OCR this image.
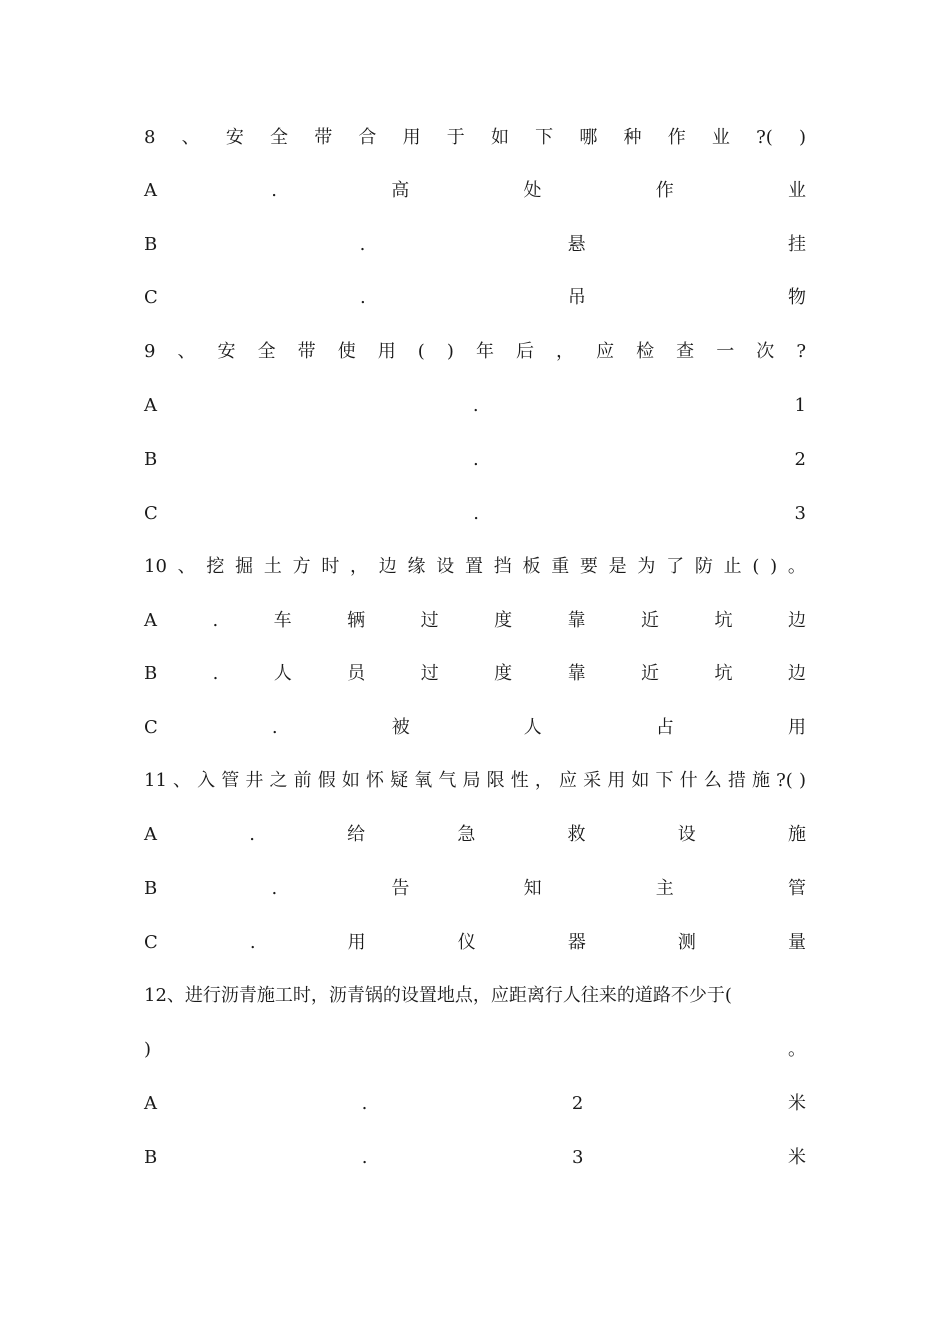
8 、 安 全 带 合 用 于 如 下 哪 种 作 业 ?( )
A	.	高	处	作	业
B	.	悬	挂
C	.	吊	物
9 、 安 全 带 使 用 ( ) 年 后 ， 应 检 查 一 次 ?
A	.	1
B	.	2
C	.	3
10 、 挖 掘 土 方 时 ， 边 缘 设 置 挡 板 重 要 是 为 了 防 止 ( ) 。
A	.	车	辆	过	度	靠	近	坑	边
B	.	人	员	过	度	靠	近	坑	边
C	.	被	人	占	用
11 、 入 管 井 之 前 假 如 怀 疑 氧 气 局 限 性 ， 应 采 用 如 下 什 么 措 施 ?( )
A	.	给	急	救	设	施
B	.	告	知	主	管
C	.	用	仪	器	测	量
12、进行沥青施工时，沥青锅的设置地点，应距离行人往来的道路不少于(
)	。
A	.	2	米
B	.	3	米
